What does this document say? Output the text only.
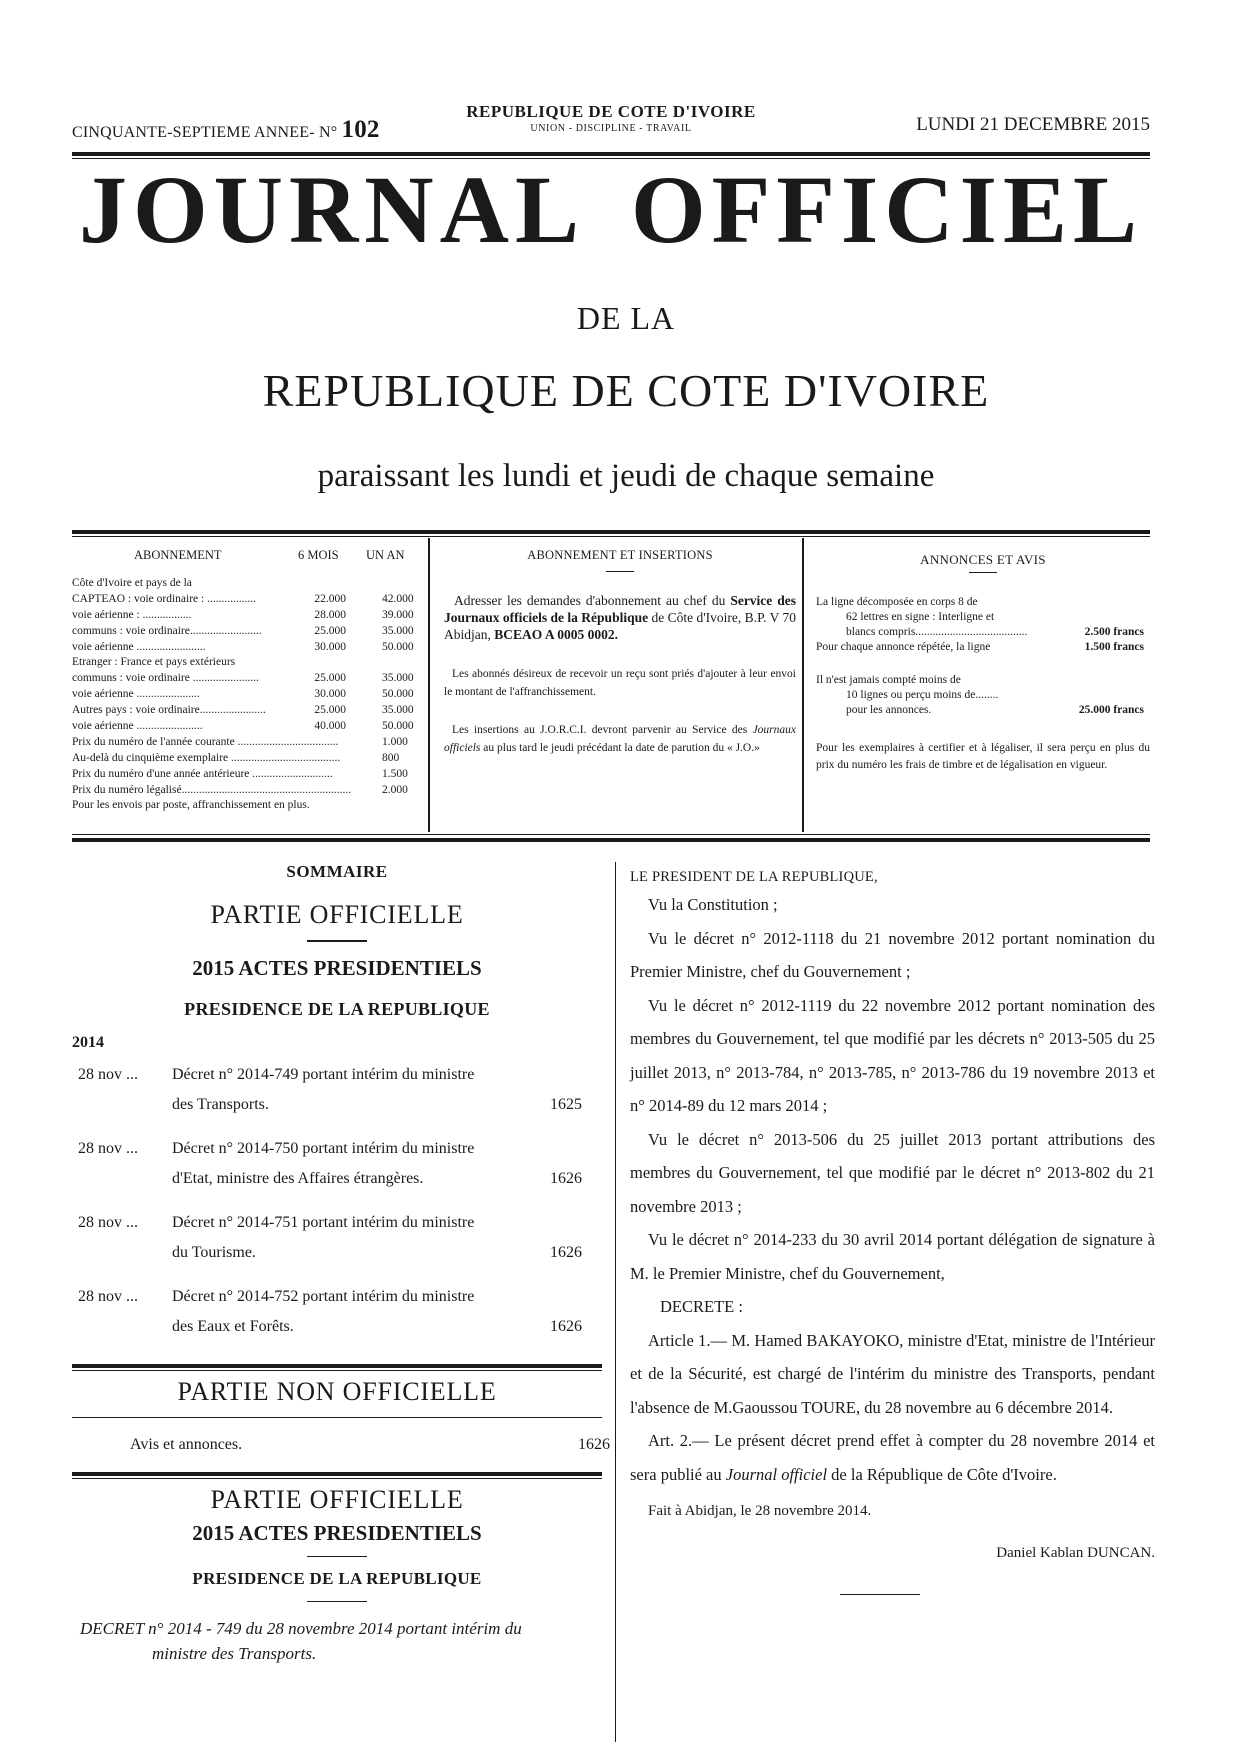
CINQUANTE-SEPTIEME ANNEE- N° 102
REPUBLIQUE DE COTE D'IVOIRE
UNION - DISCIPLINE - TRAVAIL	LUNDI 21 DECEMBRE 2015
JOURNAL OFFICIEL
DE LA
REPUBLIQUE DE COTE D'IVOIRE
paraissant les lundi et jeudi de chaque semaine
ABONNEMENT	6 MOIS UN AN
Côte d'Ivoire et pays de la
CAPTEAO : voie ordinaire : .................	22.000	42.000
voie aérienne : .................	28.000	39.000
communs : voie ordinaire.........................	25.000	35.000
voie aérienne ........................	30.000	50.000
Etranger : France et pays extérieurs
communs : voie ordinaire .......................	25.000	35.000
voie aérienne ......................	30.000	50.000
Autres pays : voie ordinaire.......................	25.000	35.000
voie aérienne .......................	40.000	50.000
Prix du numéro de l'année courante ...................................	1.000
Au-delà du cinquième exemplaire ......................................	800
Prix du numéro d'une année antérieure ............................	1.500
Prix du numéro légalisé...........................................................	2.000
Pour les envois par poste, affranchissement en plus.
ABONNEMENT ET INSERTIONS

Adresser les demandes d'abonnement au chef du Service des Journaux officiels de la République de Côte d'Ivoire, B.P. V 70 Abidjan, BCEAO A 0005 0002.

Les abonnés désireux de recevoir un reçu sont priés d'ajouter à leur envoi le montant de l'affranchissement.

Les insertions au J.O.R.C.I. devront parvenir au Service des Journaux officiels au plus tard le jeudi précédant la date de parution du « J.O.»

ANNONCES ET AVIS
La ligne décomposée en corps 8 de
62 lettres en signe : Interligne et
blancs compris.......................................	2.500 francs
Pour chaque annonce répétée, la ligne	1.500 francs
Il n'est jamais compté moins de
10 lignes ou perçu moins de........
pour les annonces.	25.000 francs

Pour les exemplaires à certifier et à légaliser, il sera perçu en plus du prix du numéro les frais de timbre et de légalisation en vigueur.

SOMMAIRE
PARTIE OFFICIELLE
2015 ACTES PRESIDENTIELS
PRESIDENCE DE LA REPUBLIQUE
2014
28 nov ... Décret n° 2014-749 portant intérim du ministre
des Transports.	1625
28 nov ... Décret n° 2014-750 portant intérim du ministre
d'Etat, ministre des Affaires étrangères.	1626
28 nov ... Décret n° 2014-751 portant intérim du ministre
du Tourisme.	1626
28 nov ... Décret n° 2014-752 portant intérim du ministre
des Eaux et Forêts.	1626
PARTIE NON OFFICIELLE
Avis et annonces.	1626
PARTIE OFFICIELLE
2015 ACTES PRESIDENTIELS
PRESIDENCE DE LA REPUBLIQUE
DECRET n° 2014 - 749 du 28 novembre 2014 portant intérim du
ministre des Transports.

LE PRESIDENT DE LA REPUBLIQUE,

Vu la Constitution ;

Vu le décret n° 2012-1118 du 21 novembre 2012 portant nomination du Premier Ministre, chef du Gouvernement ;

Vu le décret n° 2012-1119 du 22 novembre 2012 portant nomination des membres du Gouvernement, tel que modifié par les décrets n° 2013-505 du 25 juillet 2013, n° 2013-784, n° 2013-785, n° 2013-786 du 19 novembre 2013 et n° 2014-89 du 12 mars 2014 ;

Vu le décret n° 2013-506 du 25 juillet 2013 portant attributions des membres du Gouvernement, tel que modifié par le décret n° 2013-802 du 21 novembre 2013 ;

Vu le décret n° 2014-233 du 30 avril 2014 portant délégation de signature à M. le Premier Ministre, chef du Gouvernement,

DECRETE :

Article 1.— M. Hamed BAKAYOKO, ministre d'Etat, ministre de l'Intérieur et de la Sécurité, est chargé de l'intérim du ministre des Transports, pendant l'absence de M.Gaoussou TOURE, du 28 novembre au 6 décembre 2014.

Art. 2.— Le présent décret prend effet à compter du 28 novembre 2014 et sera publié au Journal officiel de la République de Côte d'Ivoire.

Fait à Abidjan, le 28 novembre 2014.

Daniel Kablan DUNCAN.
